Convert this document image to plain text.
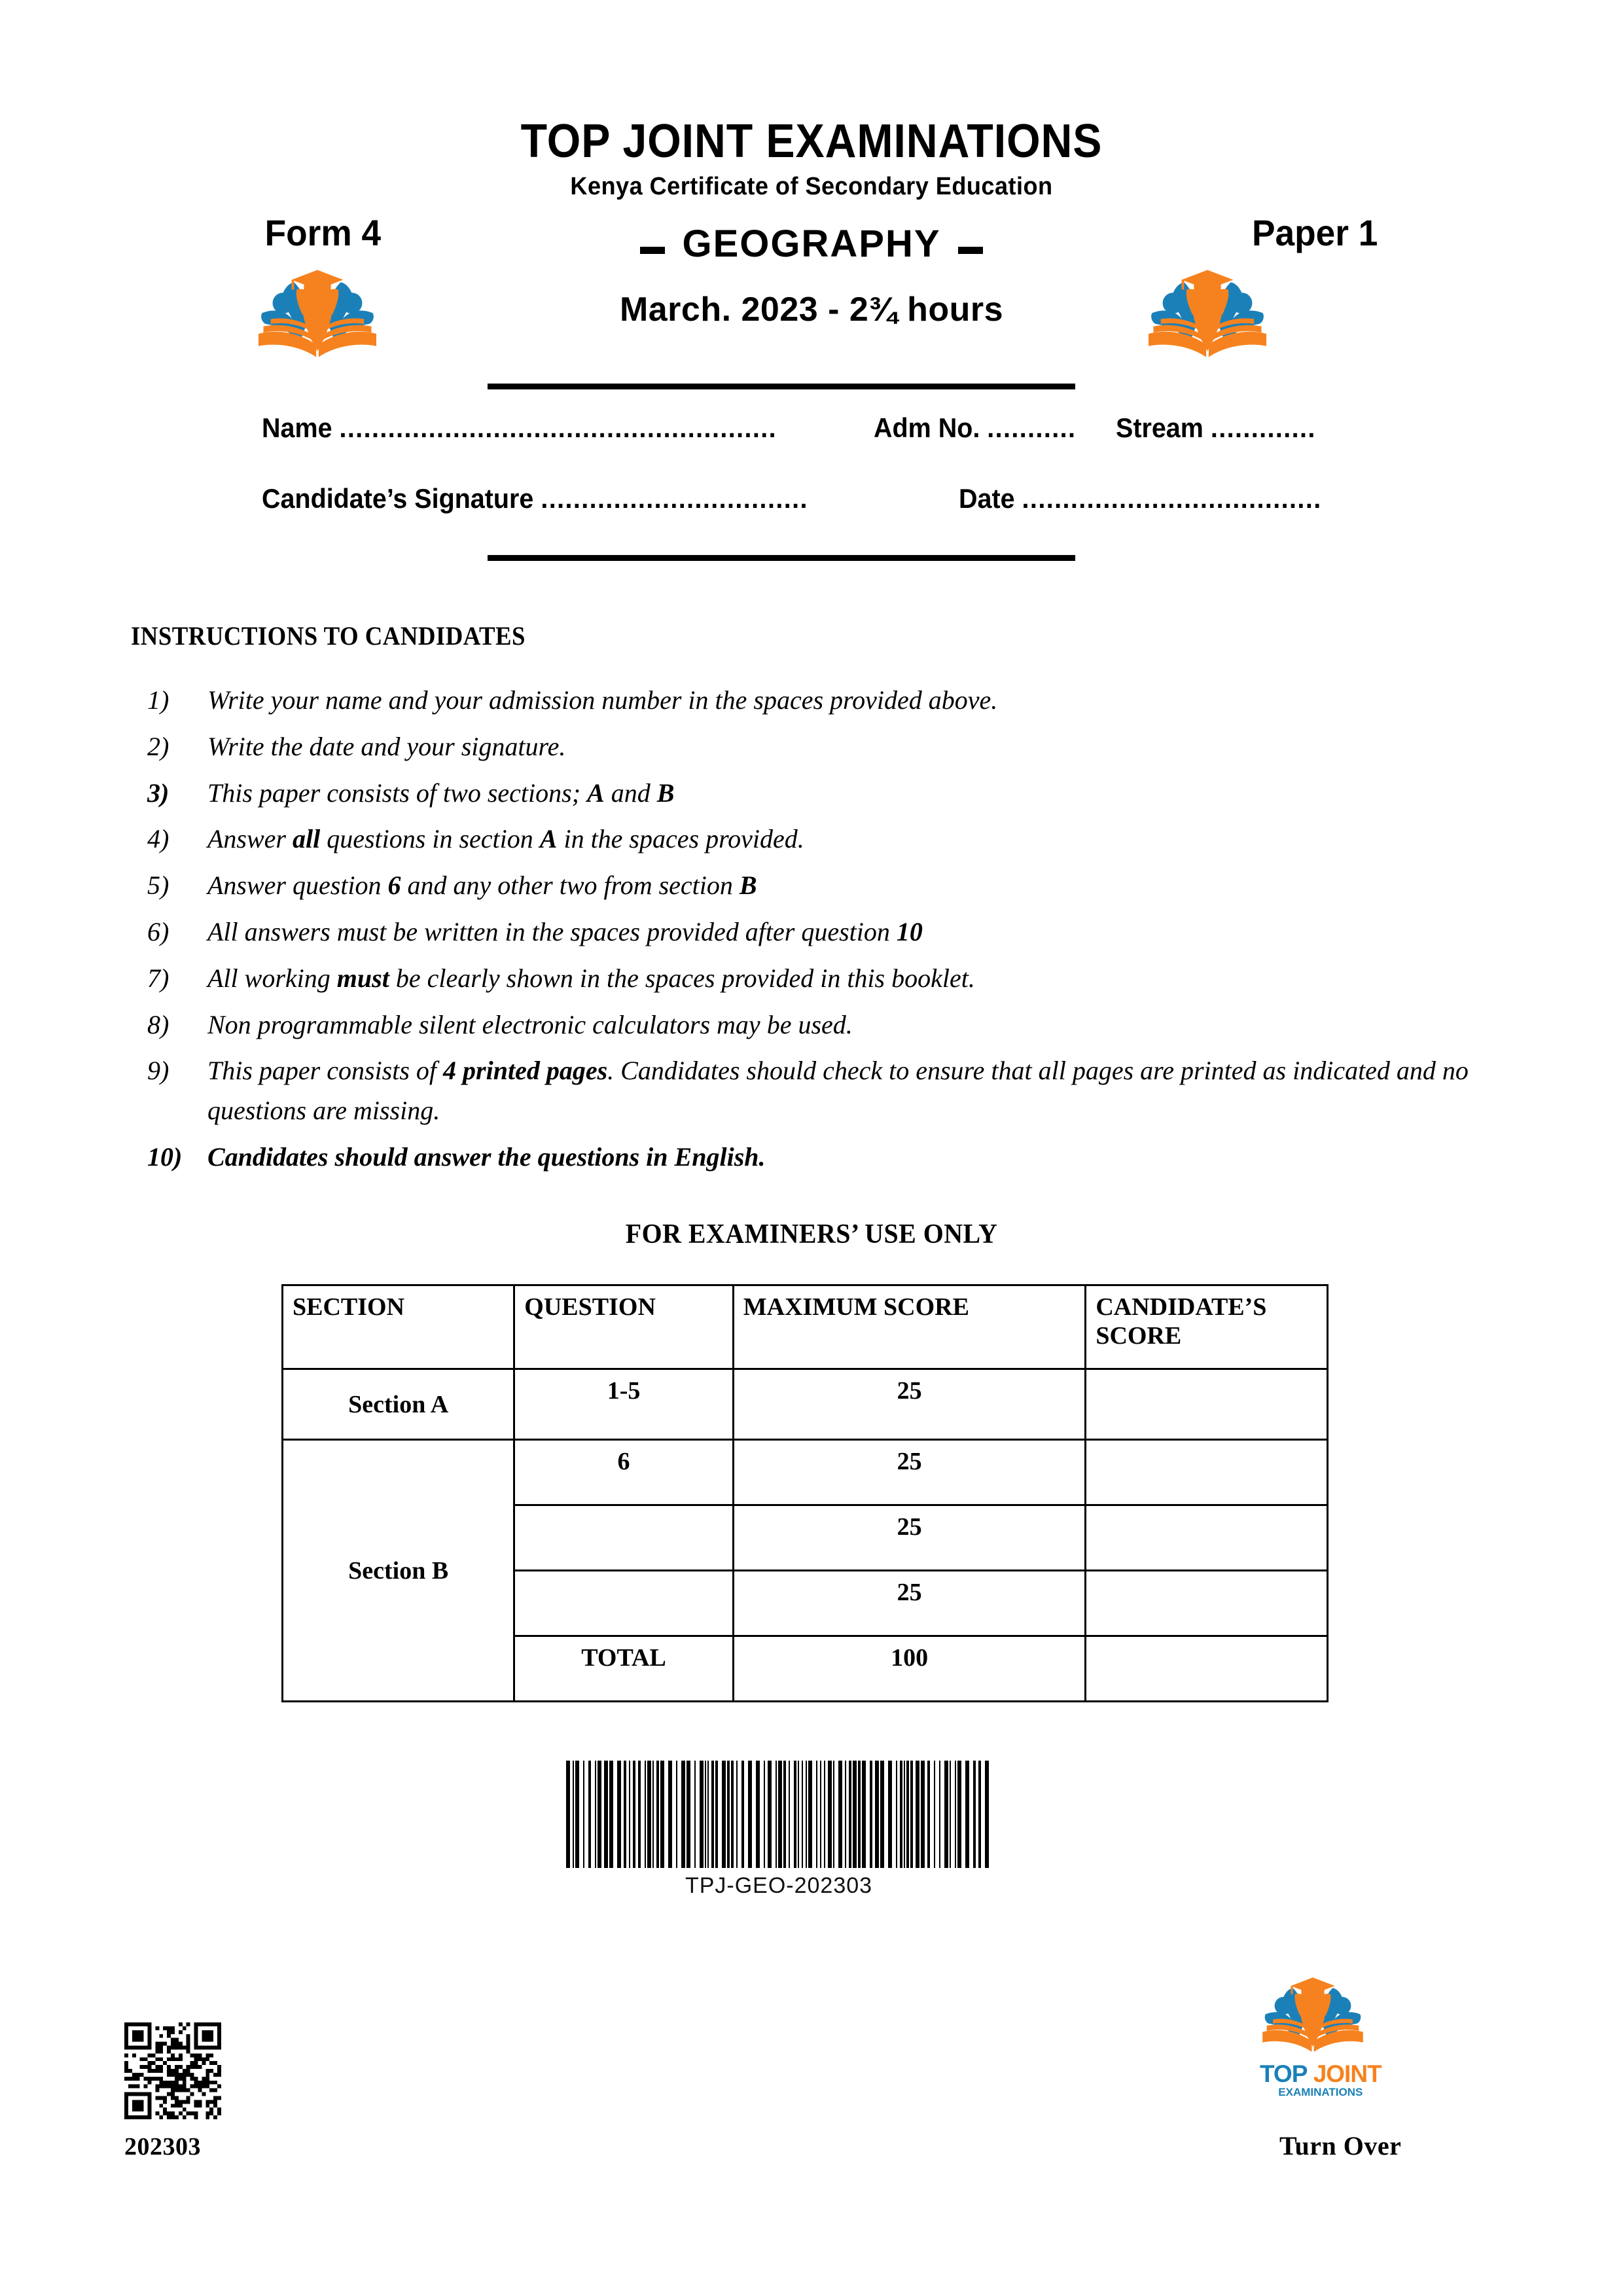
TOP JOINT EXAMINATIONS
Kenya Certificate of Secondary Education
Form 4	GEOGRAPHY	Paper 1
March. 2023 - 2¾ hours
Name ......................................................	Adm No. ........... Stream .............
Candidate’s Signature .................................	Date .....................................
INSTRUCTIONS TO CANDIDATES
1)	Write your name and your admission number in the spaces provided above.
2)	Write the date and your signature.
3)	This paper consists of two sections; A and B
4)	Answer all questions in section A in the spaces provided.
5)	Answer question 6 and any other two from section B
6)	All answers must be written in the spaces provided after question 10
7)	All working must be clearly shown in the spaces provided in this booklet.
8)	Non programmable silent electronic calculators may be used.
9)	This paper consists of 4 printed pages. Candidates should check to ensure that all pages are printed as indicated and no questions are missing.
10) Candidates should answer the questions in English.
FOR EXAMINERS’ USE ONLY
SECTION	QUESTION	MAXIMUM SCORE	CANDIDATE’S SCORE
Section A	1-5	25	
Section B	6	25	
		25	
		25	
	TOTAL	100	
TPJ-GEO-202303
202303
TOP JOINT
EXAMINATIONS
Turn Over
